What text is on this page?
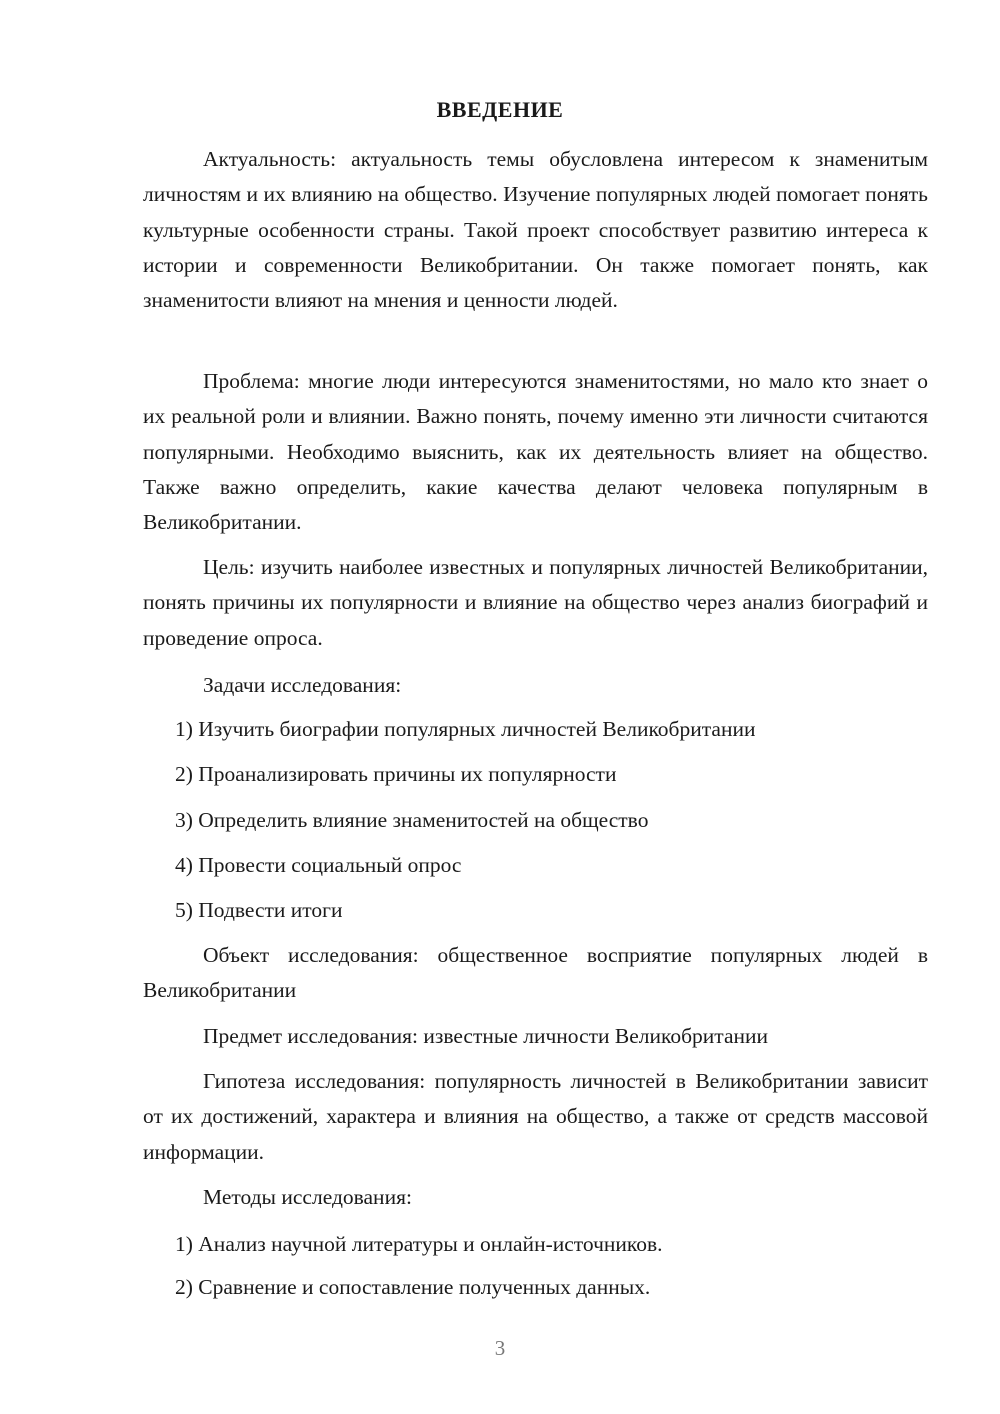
ВВЕДЕНИЕ

Актуальность: актуальность темы обусловлена интересом к знаменитым личностям и их влиянию на общество. Изучение популярных людей помогает понять культурные особенности страны. Такой проект способствует развитию интереса к истории и современности Великобритании. Он также помогает понять, как знаменитости влияют на мнения и ценности людей.

Проблема: многие люди интересуются знаменитостями, но мало кто знает о их реальной роли и влиянии. Важно понять, почему именно эти личности считаются популярными. Необходимо выяснить, как их деятельность влияет на общество. Также важно определить, какие качества делают человека популярным в Великобритании.

Цель: изучить наиболее известных и популярных личностей Великобритании, понять причины их популярности и влияние на общество через анализ биографий и проведение опроса.

Задачи исследования:
1) Изучить биографии популярных личностей Великобритании
2) Проанализировать причины их популярности
3) Определить влияние знаменитостей на общество
4) Провести социальный опрос
5) Подвести итоги

Объект исследования: общественное восприятие популярных людей в Великобритании

Предмет исследования: известные личности Великобритании

Гипотеза исследования: популярность личностей в Великобритании зависит от их достижений, характера и влияния на общество, а также от средств массовой информации.

Методы исследования:
1) Анализ научной литературы и онлайн-источников.
2) Сравнение и сопоставление полученных данных.
3
